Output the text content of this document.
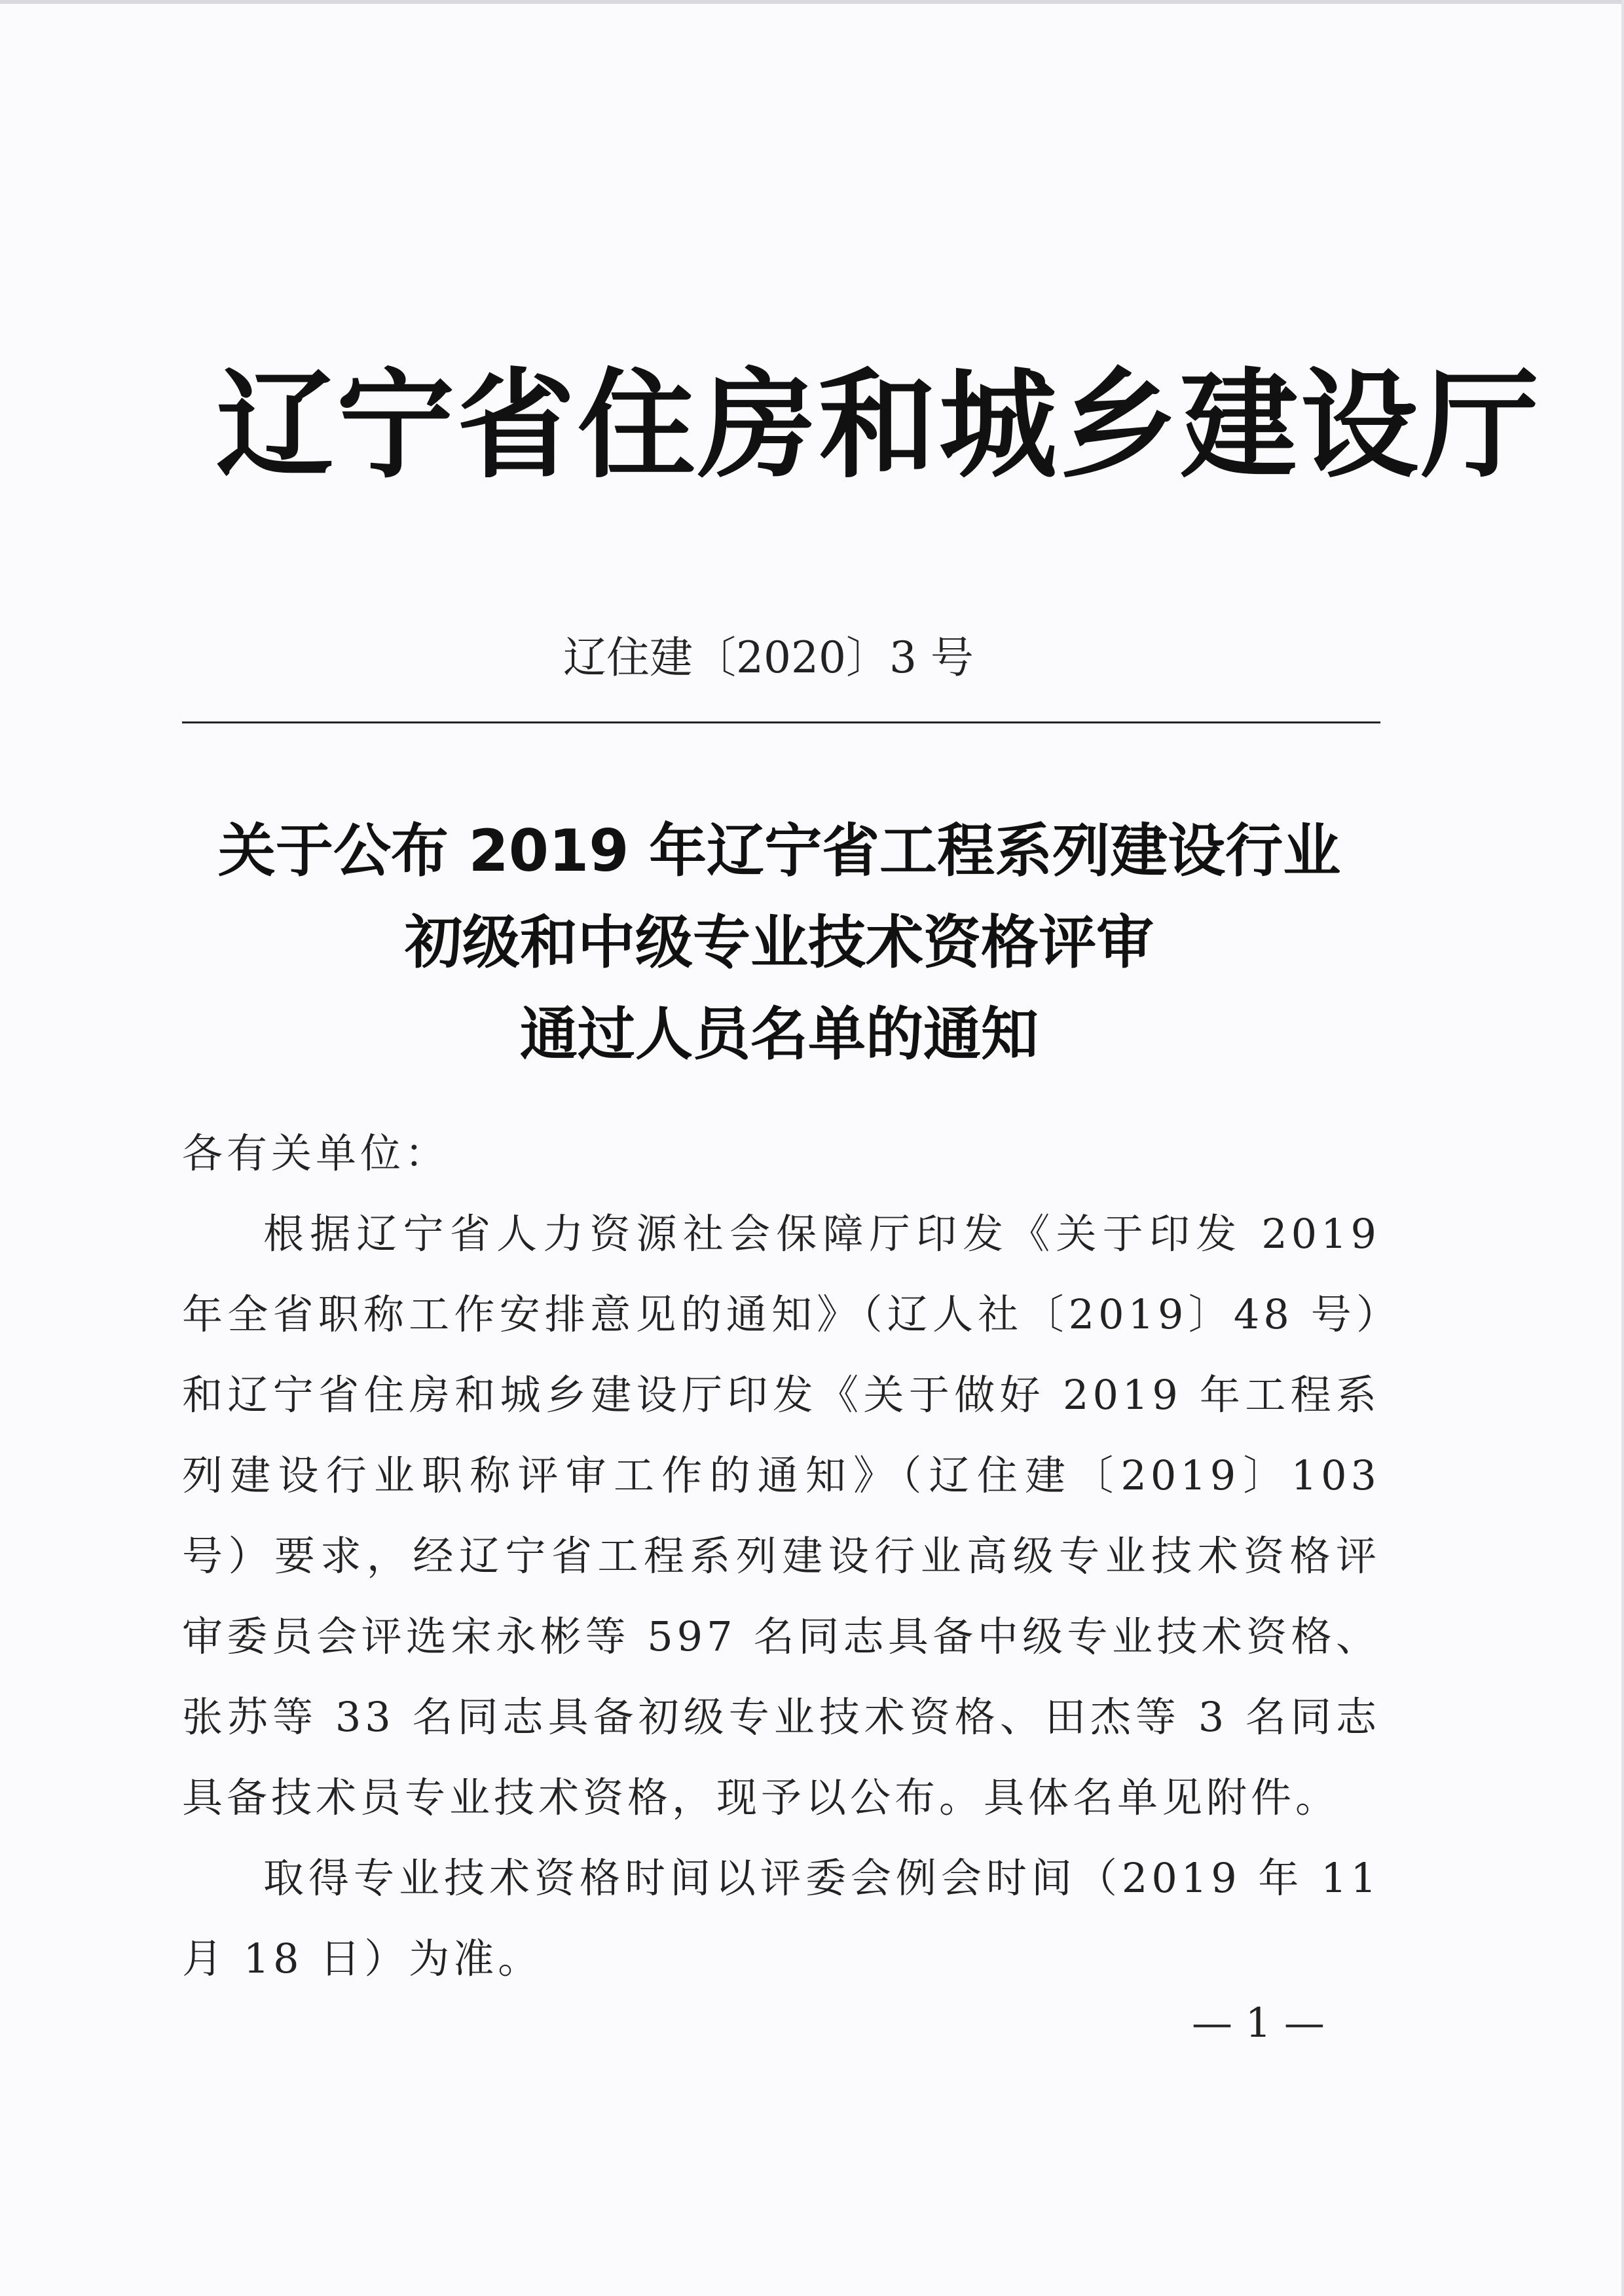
辽宁省住房和城乡建设厅
辽住建〔2020〕3 号
关于公布 2019 年辽宁省工程系列建设行业
初级和中级专业技术资格评审
通过人员名单的通知

各有关单位：

根据辽宁省人力资源社会保障厅印发《关于印发 2019 年全省职称工作安排意见的通知》（辽人社〔2019〕48 号）和辽宁省住房和城乡建设厅印发《关于做好 2019 年工程系列建设行业职称评审工作的通知》（辽住建〔2019〕103 号）要求，经辽宁省工程系列建设行业高级专业技术资格评审委员会评选宋永彬等 597 名同志具备中级专业技术资格、张苏等 33 名同志具备初级专业技术资格、田杰等 3 名同志具备技术员专业技术资格，现予以公布。具体名单见附件。

取得专业技术资格时间以评委会例会时间（2019 年 11 月 18 日）为准。

— 1 —
